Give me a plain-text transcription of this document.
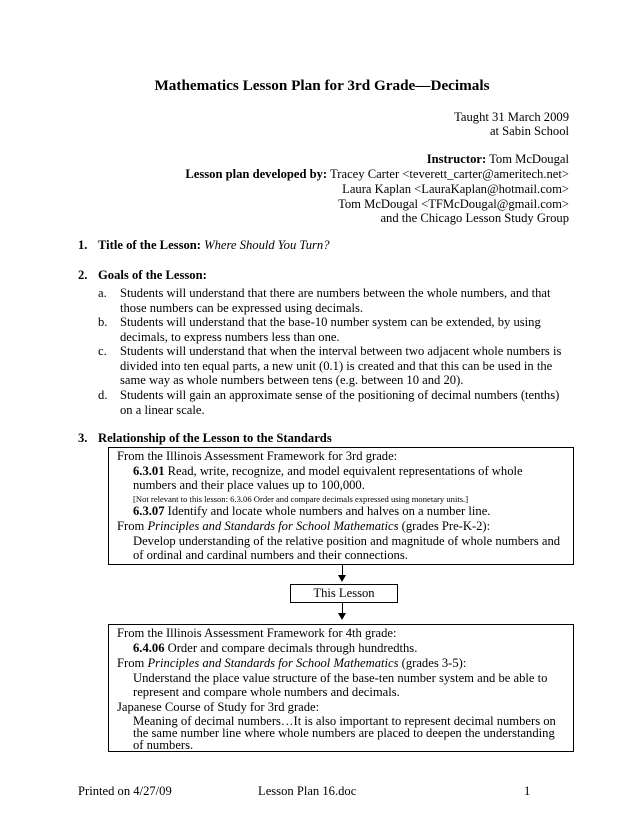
Mathematics Lesson Plan for 3rd Grade—Decimals
Taught 31 March 2009
at Sabin School
Instructor: Tom McDougal
Lesson plan developed by: Tracey Carter <teverett_carter@ameritech.net>
Laura Kaplan <LauraKaplan@hotmail.com>
Tom McDougal <TFMcDougal@gmail.com>
and the Chicago Lesson Study Group
1. Title of the Lesson: Where Should You Turn?
2. Goals of the Lesson:
a. Students will understand that there are numbers between the whole numbers, and that those numbers can be expressed using decimals.
b. Students will understand that the base-10 number system can be extended, by using decimals, to express numbers less than one.
c. Students will understand that when the interval between two adjacent whole numbers is divided into ten equal parts, a new unit (0.1) is created and that this can be used in the same way as whole numbers between tens (e.g. between 10 and 20).
d. Students will gain an approximate sense of the positioning of decimal numbers (tenths) on a linear scale.
3. Relationship of the Lesson to the Standards
From the Illinois Assessment Framework for 3rd grade:
6.3.01 Read, write, recognize, and model equivalent representations of whole
numbers and their place values up to 100,000.
[Not relevant to this lesson: 6.3.06 Order and compare decimals expressed using monetary units.]
6.3.07 Identify and locate whole numbers and halves on a number line.
From Principles and Standards for School Mathematics (grades Pre-K-2):
Develop understanding of the relative position and magnitude of whole numbers and
of ordinal and cardinal numbers and their connections.
This Lesson
From the Illinois Assessment Framework for 4th grade:
6.4.06 Order and compare decimals through hundredths.
From Principles and Standards for School Mathematics (grades 3-5):
Understand the place value structure of the base-ten number system and be able to
represent and compare whole numbers and decimals.
Japanese Course of Study for 3rd grade:
Meaning of decimal numbers…It is also important to represent decimal numbers on
the same number line where whole numbers are placed to deepen the understanding
of numbers.
Printed on 4/27/09	Lesson Plan 16.doc	1
